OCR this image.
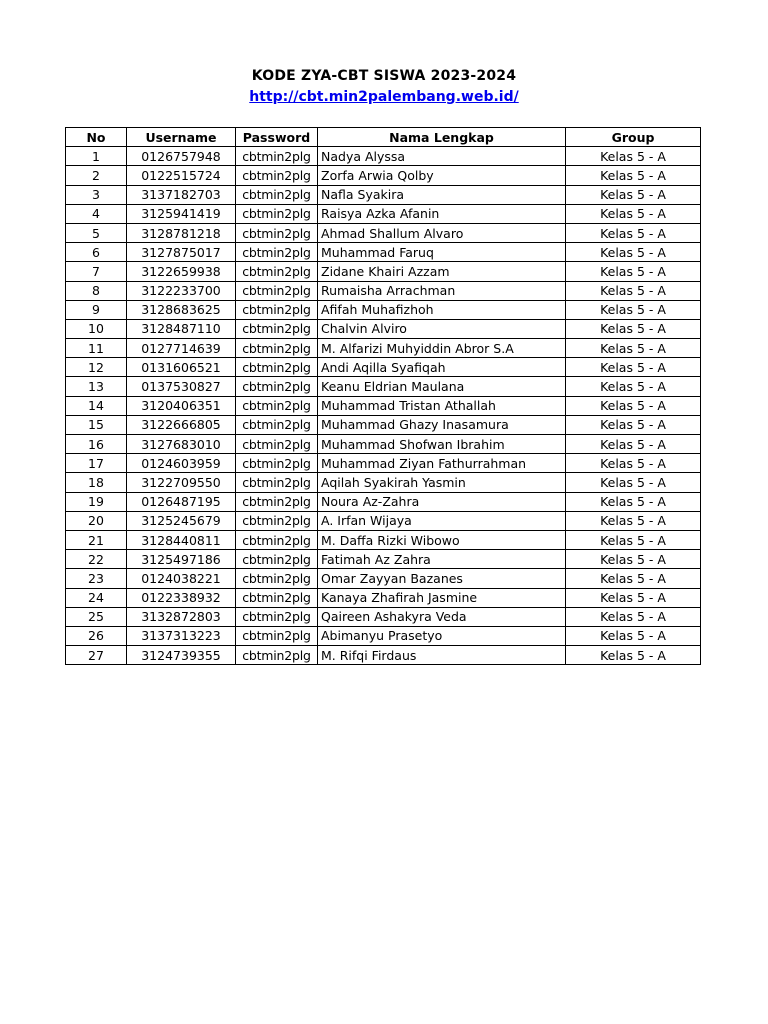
KODE ZYA-CBT SISWA 2023-2024

http://cbt.min2palembang.web.id/
No	Username	Password	Nama Lengkap	Group
1	0126757948	cbtmin2plg	Nadya Alyssa	Kelas 5 - A
2	0122515724	cbtmin2plg	Zorfa Arwia Qolby	Kelas 5 - A
3	3137182703	cbtmin2plg	Nafla Syakira	Kelas 5 - A
4	3125941419	cbtmin2plg	Raisya Azka Afanin	Kelas 5 - A
5	3128781218	cbtmin2plg	Ahmad Shallum Alvaro	Kelas 5 - A
6	3127875017	cbtmin2plg	Muhammad Faruq	Kelas 5 - A
7	3122659938	cbtmin2plg	Zidane Khairi Azzam	Kelas 5 - A
8	3122233700	cbtmin2plg	Rumaisha Arrachman	Kelas 5 - A
9	3128683625	cbtmin2plg	Afifah Muhafizhoh	Kelas 5 - A
10	3128487110	cbtmin2plg	Chalvin Alviro	Kelas 5 - A
11	0127714639	cbtmin2plg	M. Alfarizi Muhyiddin Abror S.A	Kelas 5 - A
12	0131606521	cbtmin2plg	Andi Aqilla Syafiqah	Kelas 5 - A
13	0137530827	cbtmin2plg	Keanu Eldrian Maulana	Kelas 5 - A
14	3120406351	cbtmin2plg	Muhammad Tristan Athallah	Kelas 5 - A
15	3122666805	cbtmin2plg	Muhammad Ghazy Inasamura	Kelas 5 - A
16	3127683010	cbtmin2plg	Muhammad Shofwan Ibrahim	Kelas 5 - A
17	0124603959	cbtmin2plg	Muhammad Ziyan Fathurrahman	Kelas 5 - A
18	3122709550	cbtmin2plg	Aqilah Syakirah Yasmin	Kelas 5 - A
19	0126487195	cbtmin2plg	Noura Az-Zahra	Kelas 5 - A
20	3125245679	cbtmin2plg	A. Irfan Wijaya	Kelas 5 - A
21	3128440811	cbtmin2plg	M. Daffa Rizki Wibowo	Kelas 5 - A
22	3125497186	cbtmin2plg	Fatimah Az Zahra	Kelas 5 - A
23	0124038221	cbtmin2plg	Omar Zayyan Bazanes	Kelas 5 - A
24	0122338932	cbtmin2plg	Kanaya Zhafirah Jasmine	Kelas 5 - A
25	3132872803	cbtmin2plg	Qaireen Ashakyra Veda	Kelas 5 - A
26	3137313223	cbtmin2plg	Abimanyu Prasetyo	Kelas 5 - A
27	3124739355	cbtmin2plg	M. Rifqi Firdaus	Kelas 5 - A
